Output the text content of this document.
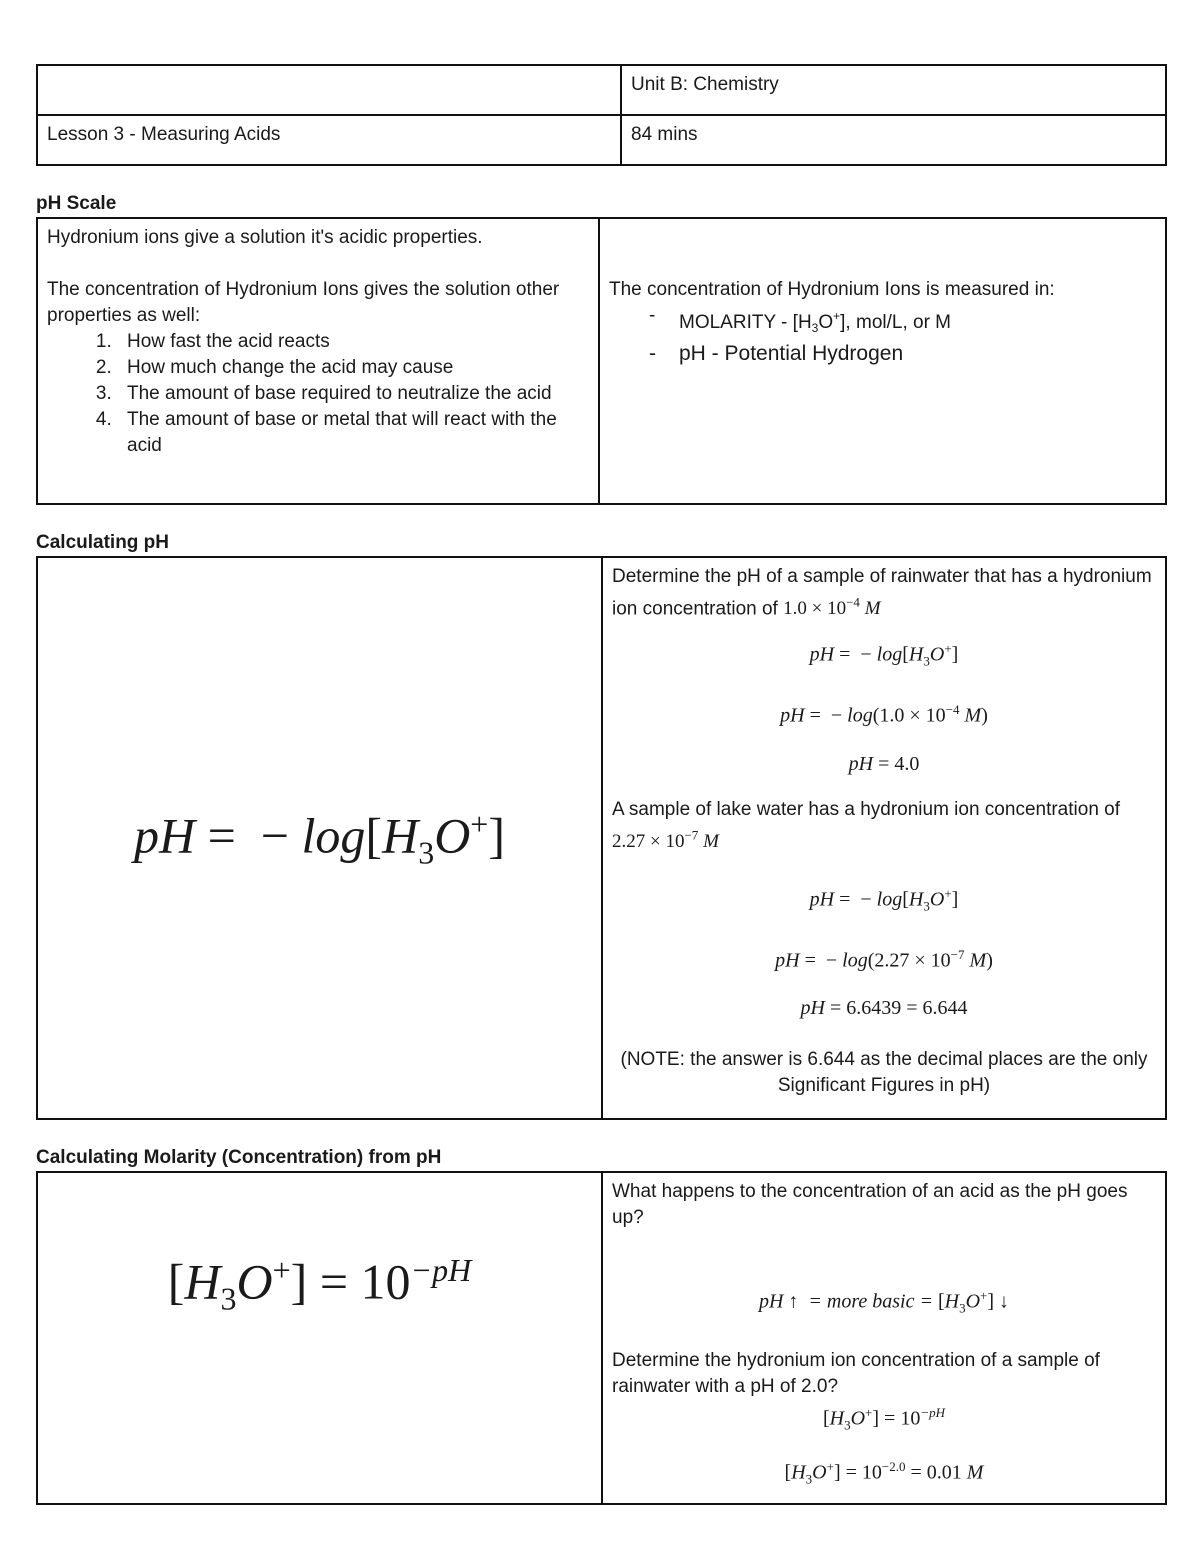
	Unit B: Chemistry
Lesson 3 - Measuring Acids	84 mins
pH Scale
Hydronium ions give a solution it's acidic properties.
The concentration of Hydronium Ions gives the solution other properties as well:
1. How fast the acid reacts
2. How much change the acid may cause
3. The amount of base required to neutralize the acid
4. The amount of base or metal that will react with the acid

The concentration of Hydronium Ions is measured in:
- MOLARITY - $[H_3O^+]$, mol/L, or M
- pH - Potential Hydrogen
Calculating pH
pH =  − $\log[H_3O^+]$

Determine the pH of a sample of rainwater that has a hydronium ion concentration of $1.0 \times 10^{-4}$ M
pH =  − $\log[H_3O^+]$
pH =  − $\log(1.0 \times 10^{-4}$ M)
pH = 4.0
A sample of lake water has a hydronium ion concentration of $2.27 \times 10^{-7}$ M
pH =  − $\log[H_3O^+]$
pH =  − $\log(2.27 \times 10^{-7}$ M)
pH = 6.6439 = 6.644
(NOTE: the answer is 6.644 as the decimal places are the only Significant Figures in pH)
Calculating Molarity (Concentration) from pH
$[H_3O^+] = 10^{-pH}$

What happens to the concentration of an acid as the pH goes up?
pH ↑  = more basic = $[H_3O^+]$ ↓
Determine the hydronium ion concentration of a sample of rainwater with a pH of 2.0?
$[H_3O^+] = 10^{-pH}$
$[H_3O^+] = 10^{-2.0} = 0.01$ M
